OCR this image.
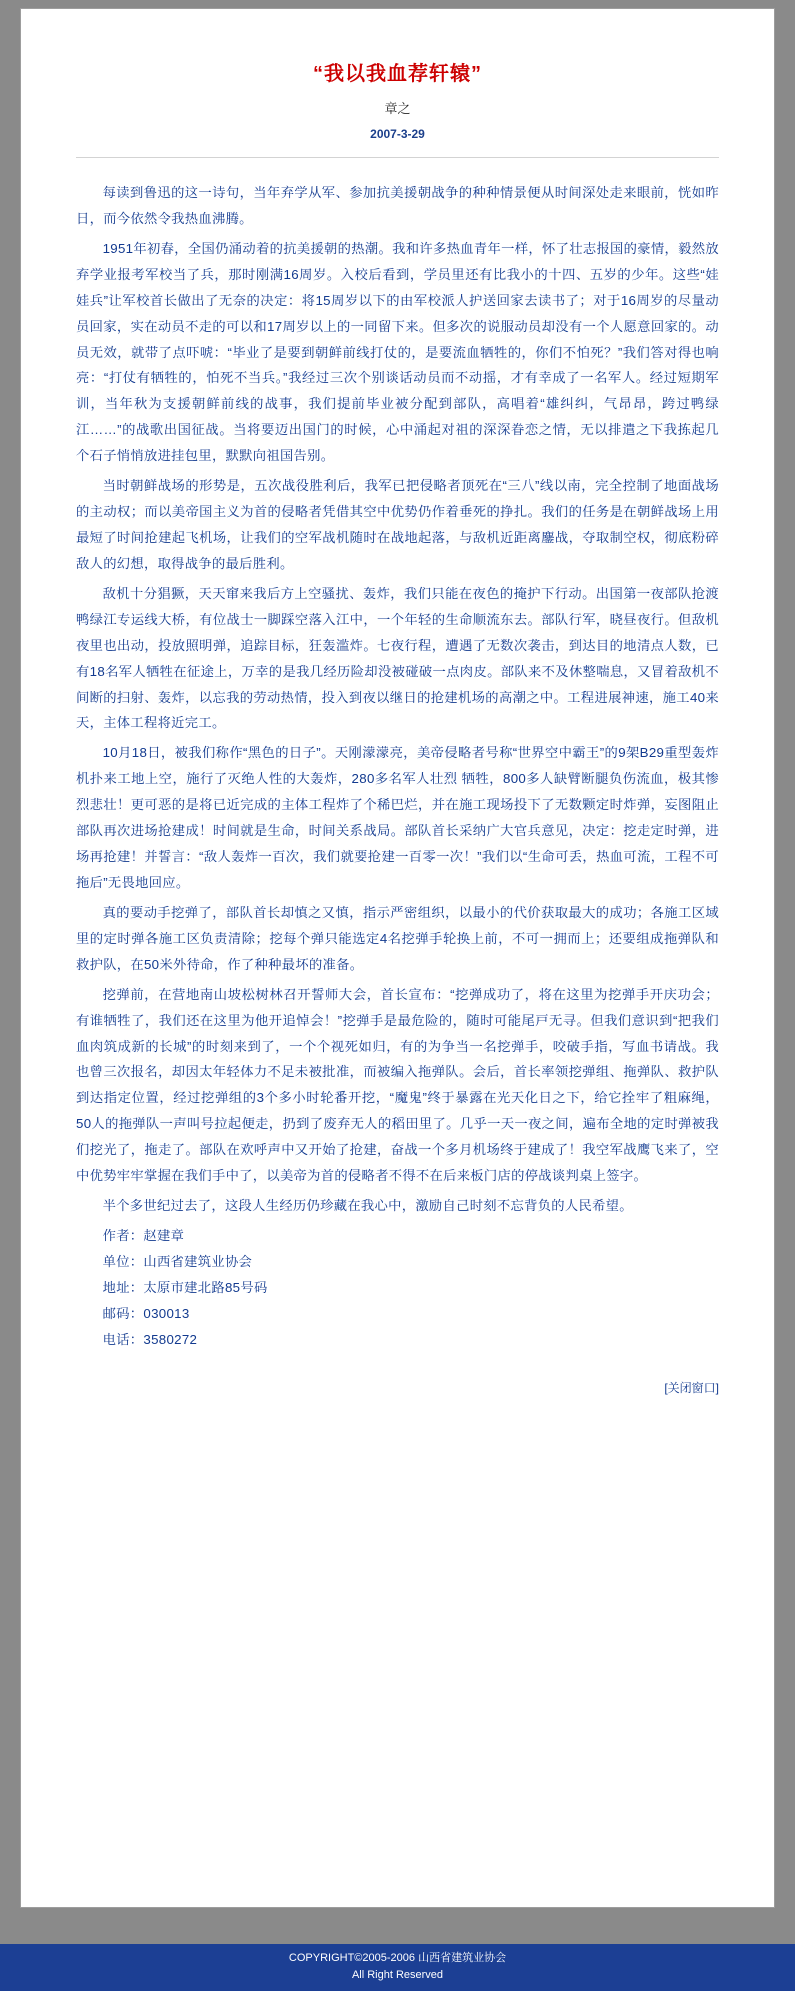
“我以我血荐轩辕”
章之
2007-3-29

每读到鲁迅的这一诗句，当年弃学从军、参加抗美援朝战争的种种情景便从时间深处走来眼前，恍如昨日，而今依然令我热血沸腾。

1951年初春，全国仍涌动着的抗美援朝的热潮。我和许多热血青年一样，怀了壮志报国的豪情，毅然放弃学业报考军校当了兵，那时刚满16周岁。入校后看到，学员里还有比我小的十四、五岁的少年。这些“娃娃兵”让军校首长做出了无奈的决定：将15周岁以下的由军校派人护送回家去读书了；对于16周岁的尽量动员回家，实在动员不走的可以和17周岁以上的一同留下来。但多次的说服动员却没有一个人愿意回家的。动员无效，就带了点吓唬：“毕业了是要到朝鲜前线打仗的，是要流血牺牲的，你们不怕死？”我们答对得也响亮：“打仗有牺牲的，怕死不当兵。”我经过三次个别谈话动员而不动摇，才有幸成了一名军人。经过短期军训，当年秋为支援朝鲜前线的战事，我们提前毕业被分配到部队，高唱着“雄纠纠，气昂昂，跨过鸭绿江……”的战歌出国征战。当将要迈出国门的时候，心中涌起对祖的深深眷恋之情，无以排遣之下我拣起几个石子悄悄放进挂包里，默默向祖国告别。

当时朝鲜战场的形势是，五次战役胜利后，我军已把侵略者顶死在“三八”线以南，完全控制了地面战场的主动权；而以美帝国主义为首的侵略者凭借其空中优势仍作着垂死的挣扎。我们的任务是在朝鲜战场上用最短了时间抢建起飞机场，让我们的空军战机随时在战地起落，与敌机近距离鏖战，夺取制空权，彻底粉碎敌人的幻想，取得战争的最后胜利。

敌机十分猖獗，天天窜来我后方上空骚扰、轰炸，我们只能在夜色的掩护下行动。出国第一夜部队抢渡鸭绿江专运线大桥，有位战士一脚踩空落入江中，一个年轻的生命顺流东去。部队行军，晓昼夜行。但敌机夜里也出动，投放照明弹，追踪目标，狂轰滥炸。七夜行程，遭遇了无数次袭击，到达目的地清点人数，已有18名军人牺牲在征途上，万幸的是我几经历险却没被碰破一点肉皮。部队来不及休整喘息，又冒着敌机不间断的扫射、轰炸，以忘我的劳动热情，投入到夜以继日的抢建机场的高潮之中。工程进展神速，施工40来天，主体工程将近完工。

10月18日，被我们称作“黑色的日子”。天刚濛濛亮，美帝侵略者号称“世界空中霸王”的9架B29重型轰炸机扑来工地上空，施行了灭绝人性的大轰炸，280多名军人壮烈 牺牲，800多人缺臂断腿负伤流血，极其惨烈悲壮！更可恶的是将已近完成的主体工程炸了个稀巴烂，并在施工现场投下了无数颗定时炸弹，妄图阻止部队再次进场抢建成！时间就是生命，时间关系战局。部队首长采纳广大官兵意见，决定：挖走定时弹，进场再抢建！并誓言：“敌人轰炸一百次，我们就要抢建一百零一次！”我们以“生命可丢，热血可流，工程不可拖后”无畏地回应。

真的要动手挖弹了，部队首长却慎之又慎，指示严密组织，以最小的代价获取最大的成功；各施工区域里的定时弹各施工区负责清除；挖每个弹只能选定4名挖弹手轮换上前，不可一拥而上；还要组成拖弹队和救护队，在50米外待命，作了种种最坏的准备。

挖弹前，在营地南山坡松树林召开誓师大会，首长宣布：“挖弹成功了，将在这里为挖弹手开庆功会；有谁牺牲了，我们还在这里为他开追悼会！”挖弹手是最危险的，随时可能尾戸无寻。但我们意识到“把我们血肉筑成新的长城”的时刻来到了，一个个视死如归，有的为争当一名挖弹手，咬破手指，写血书请战。我也曾三次报名，却因太年轻体力不足未被批准，而被编入拖弹队。会后，首长率领挖弹组、拖弹队、救护队到达指定位置，经过挖弹组的3个多小时轮番开挖，“魔鬼”终于暴露在光天化日之下，给它拴牢了粗麻绳，50人的拖弹队一声叫号拉起便走，扔到了废弃无人的稻田里了。几乎一天一夜之间，遍布全地的定时弹被我们挖光了，拖走了。部队在欢呼声中又开始了抢建，奋战一个多月机场终于建成了！我空军战鹰飞来了，空中优势牢牢掌握在我们手中了，以美帝为首的侵略者不得不在后来板门店的停战谈判桌上签字。

半个多世纪过去了，这段人生经历仍珍藏在我心中，激励自己时刻不忘背负的人民希望。

作者：赵建章

单位：山西省建筑业协会

地址：太原市建北路85号码

邮码：030013

电话：3580272

[关闭窗口]
COPYRIGHT©2005-2006 山西省建筑业协会
All Right Reserved
